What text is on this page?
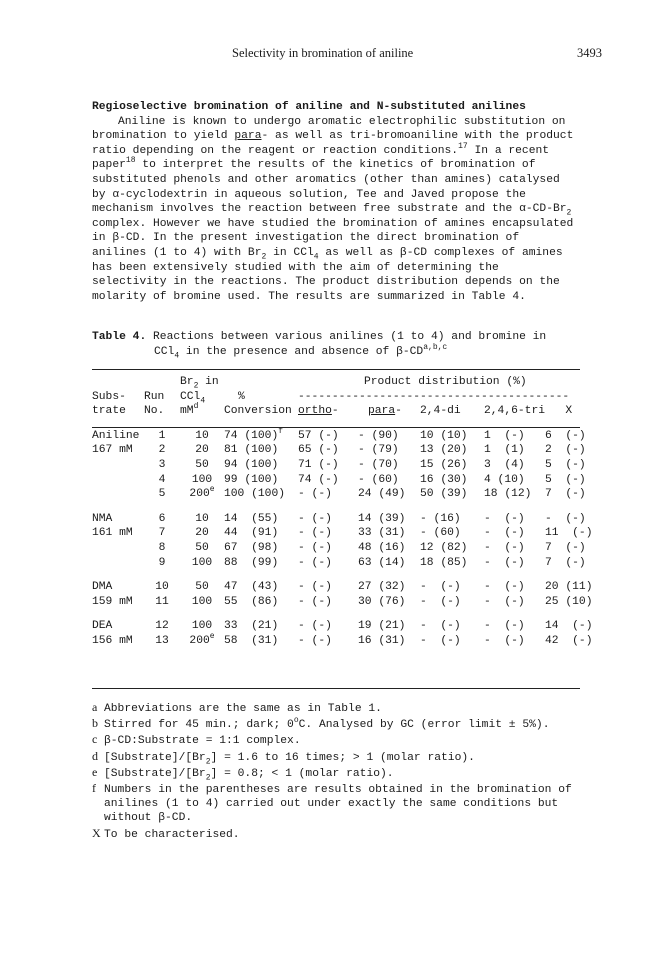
Selectivity in bromination of aniline	3493
Regioselective bromination of aniline and N-substituted anilines
Aniline is known to undergo aromatic electrophilic substitution on
bromination to yield para- as well as tri-bromoaniline with the product
ratio depending on the reagent or reaction conditions.$^{17}$ In a recent
paper$^{18}$ to interpret the results of the kinetics of bromination of
substituted phenols and other aromatics (other than amines) catalysed
by α-cyclodextrin in aqueous solution, Tee and Javed propose the
mechanism involves the reaction between free substrate and the $\alpha-CD-Br_2$
complex. However we have studied the bromination of amines encapsulated
in β-CD. In the present investigation the direct bromination of
anilines (1 to 4) with $Br_2$ in CCl$_4$ as well as β-CD complexes of amines
has been extensively studied with the aim of determining the
selectivity in the reactions. The product distribution depends on the
molarity of bromine used. The results are summarized in Table 4.
Table 4. Reactions between various anilines (1 to 4) and bromine in
CCl$_4$ in the presence and absence of β-CD$^{a,b,c}$
		$Br_2$ in			Product distribution (%)			
Subs-	Run	CCl$_4$	%	----------------------------------------				
trate	No.	$mM^d$	Conversion	ortho-	para-	2,4-di	2,4,6-tri	X

Aniline	1	10	74 $(100)^f$	57 (-)	- (90)	10 (10)	1  (-)	6  (-)
167 mM	2	20	81 (100)	65 (-)	- (79)	13 (20)	1  (1)	2  (-)
	3	50	94 (100)	71 (-)	- (70)	15 (26)	3  (4)	5  (-)
	4	100	99 (100)	74 (-)	- (60)	16 (30)	4 (10)	5  (-)
	5	200e	100 (100)	- (-)	24 (49)	50 (39)	18 (12)	7  (-)

NMA	6	10	14  (55)	- (-)	14 (39)	- (16)	-  (-)	-  (-)
161 mM	7	20	44  (91)	- (-)	33 (31)	- (60)	-  (-)	11  (-)
	8	50	67  (98)	- (-)	48 (16)	12 (82)	-  (-)	7  (-)
	9	100	88  (99)	- (-)	63 (14)	18 (85)	-  (-)	7  (-)

DMA	10	50	47  (43)	- (-)	27 (32)	-  (-)	-  (-)	20 (11)
159 mM	11	100	55  (86)	- (-)	30 (76)	-  (-)	-  (-)	25 (10)

DEA	12	100	33  (21)	- (-)	19 (21)	-  (-)	-  (-)	14  (-)
156 mM	13	200e	58  (31)	- (-)	16 (31)	-  (-)	-  (-)	42  (-)
a Abbreviations are the same as in Table 1.
b Stirred for 45 min.; dark; 0$^o$C. Analysed by GC (error limit ± 5%).
c β-CD:Substrate = 1:1 complex.
d $[Substrate]/[Br_2] = 1.6$ to 16 times; > 1 (molar ratio).
e $[Substrate]/[Br_2] = 0.8$; < 1 (molar ratio).
f Numbers in the parentheses are results obtained in the bromination of
anilines (1 to 4) carried out under exactly the same conditions but
without β-CD.
X To be characterised.
